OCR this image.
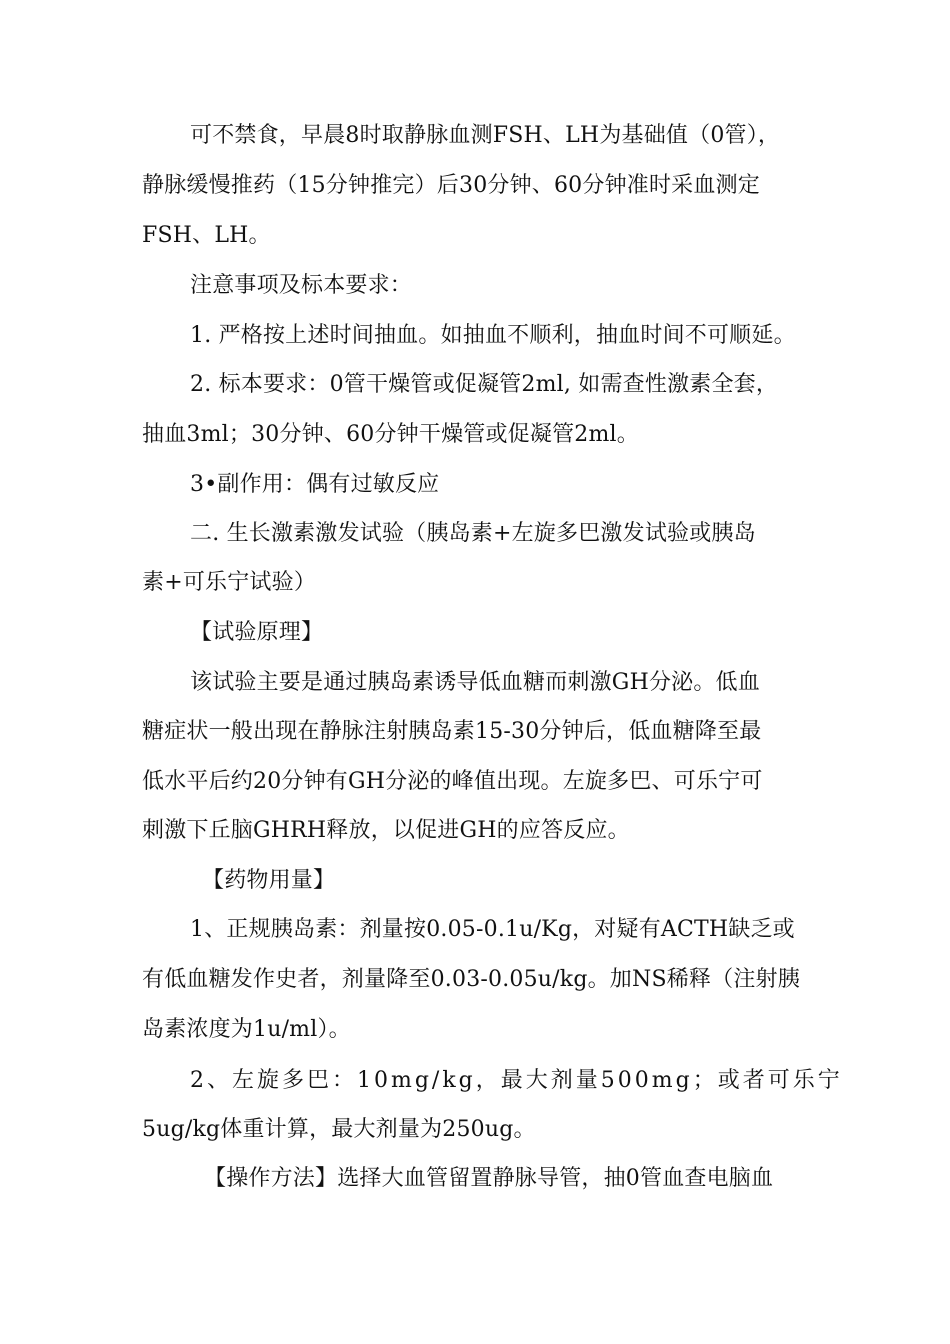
可不禁食，早晨8时取静脉血测FSH、LH为基础值（0管），
静脉缓慢推药（15分钟推完）后30分钟、60分钟准时采血测定
FSH、LH。
注意事项及标本要求：
1. 严格按上述时间抽血。如抽血不顺利，抽血时间不可顺延。
2. 标本要求：0管干燥管或促凝管2ml, 如需查性激素全套，
抽血3ml；30分钟、60分钟干燥管或促凝管2ml。
3•副作用：偶有过敏反应
二. 生长激素激发试验（胰岛素+左旋多巴激发试验或胰岛
素+可乐宁试验）
【试验原理】
该试验主要是通过胰岛素诱导低血糖而刺激GH分泌。低血
糖症状一般出现在静脉注射胰岛素15-30分钟后，低血糖降至最
低水平后约20分钟有GH分泌的峰值出现。左旋多巴、可乐宁可
刺激下丘脑GHRH释放，以促进GH的应答反应。
【药物用量】
1、正规胰岛素：剂量按0.05-0.1u/Kg，对疑有ACTH缺乏或
有低血糖发作史者，剂量降至0.03-0.05u/kg。加NS稀释（注射胰
岛素浓度为1u/ml）。
2、左旋多巴：10mg/kg，最大剂量500mg；或者可乐宁
5ug/kg体重计算，最大剂量为250ug。
【操作方法】选择大血管留置静脉导管，抽0管血查电脑血
